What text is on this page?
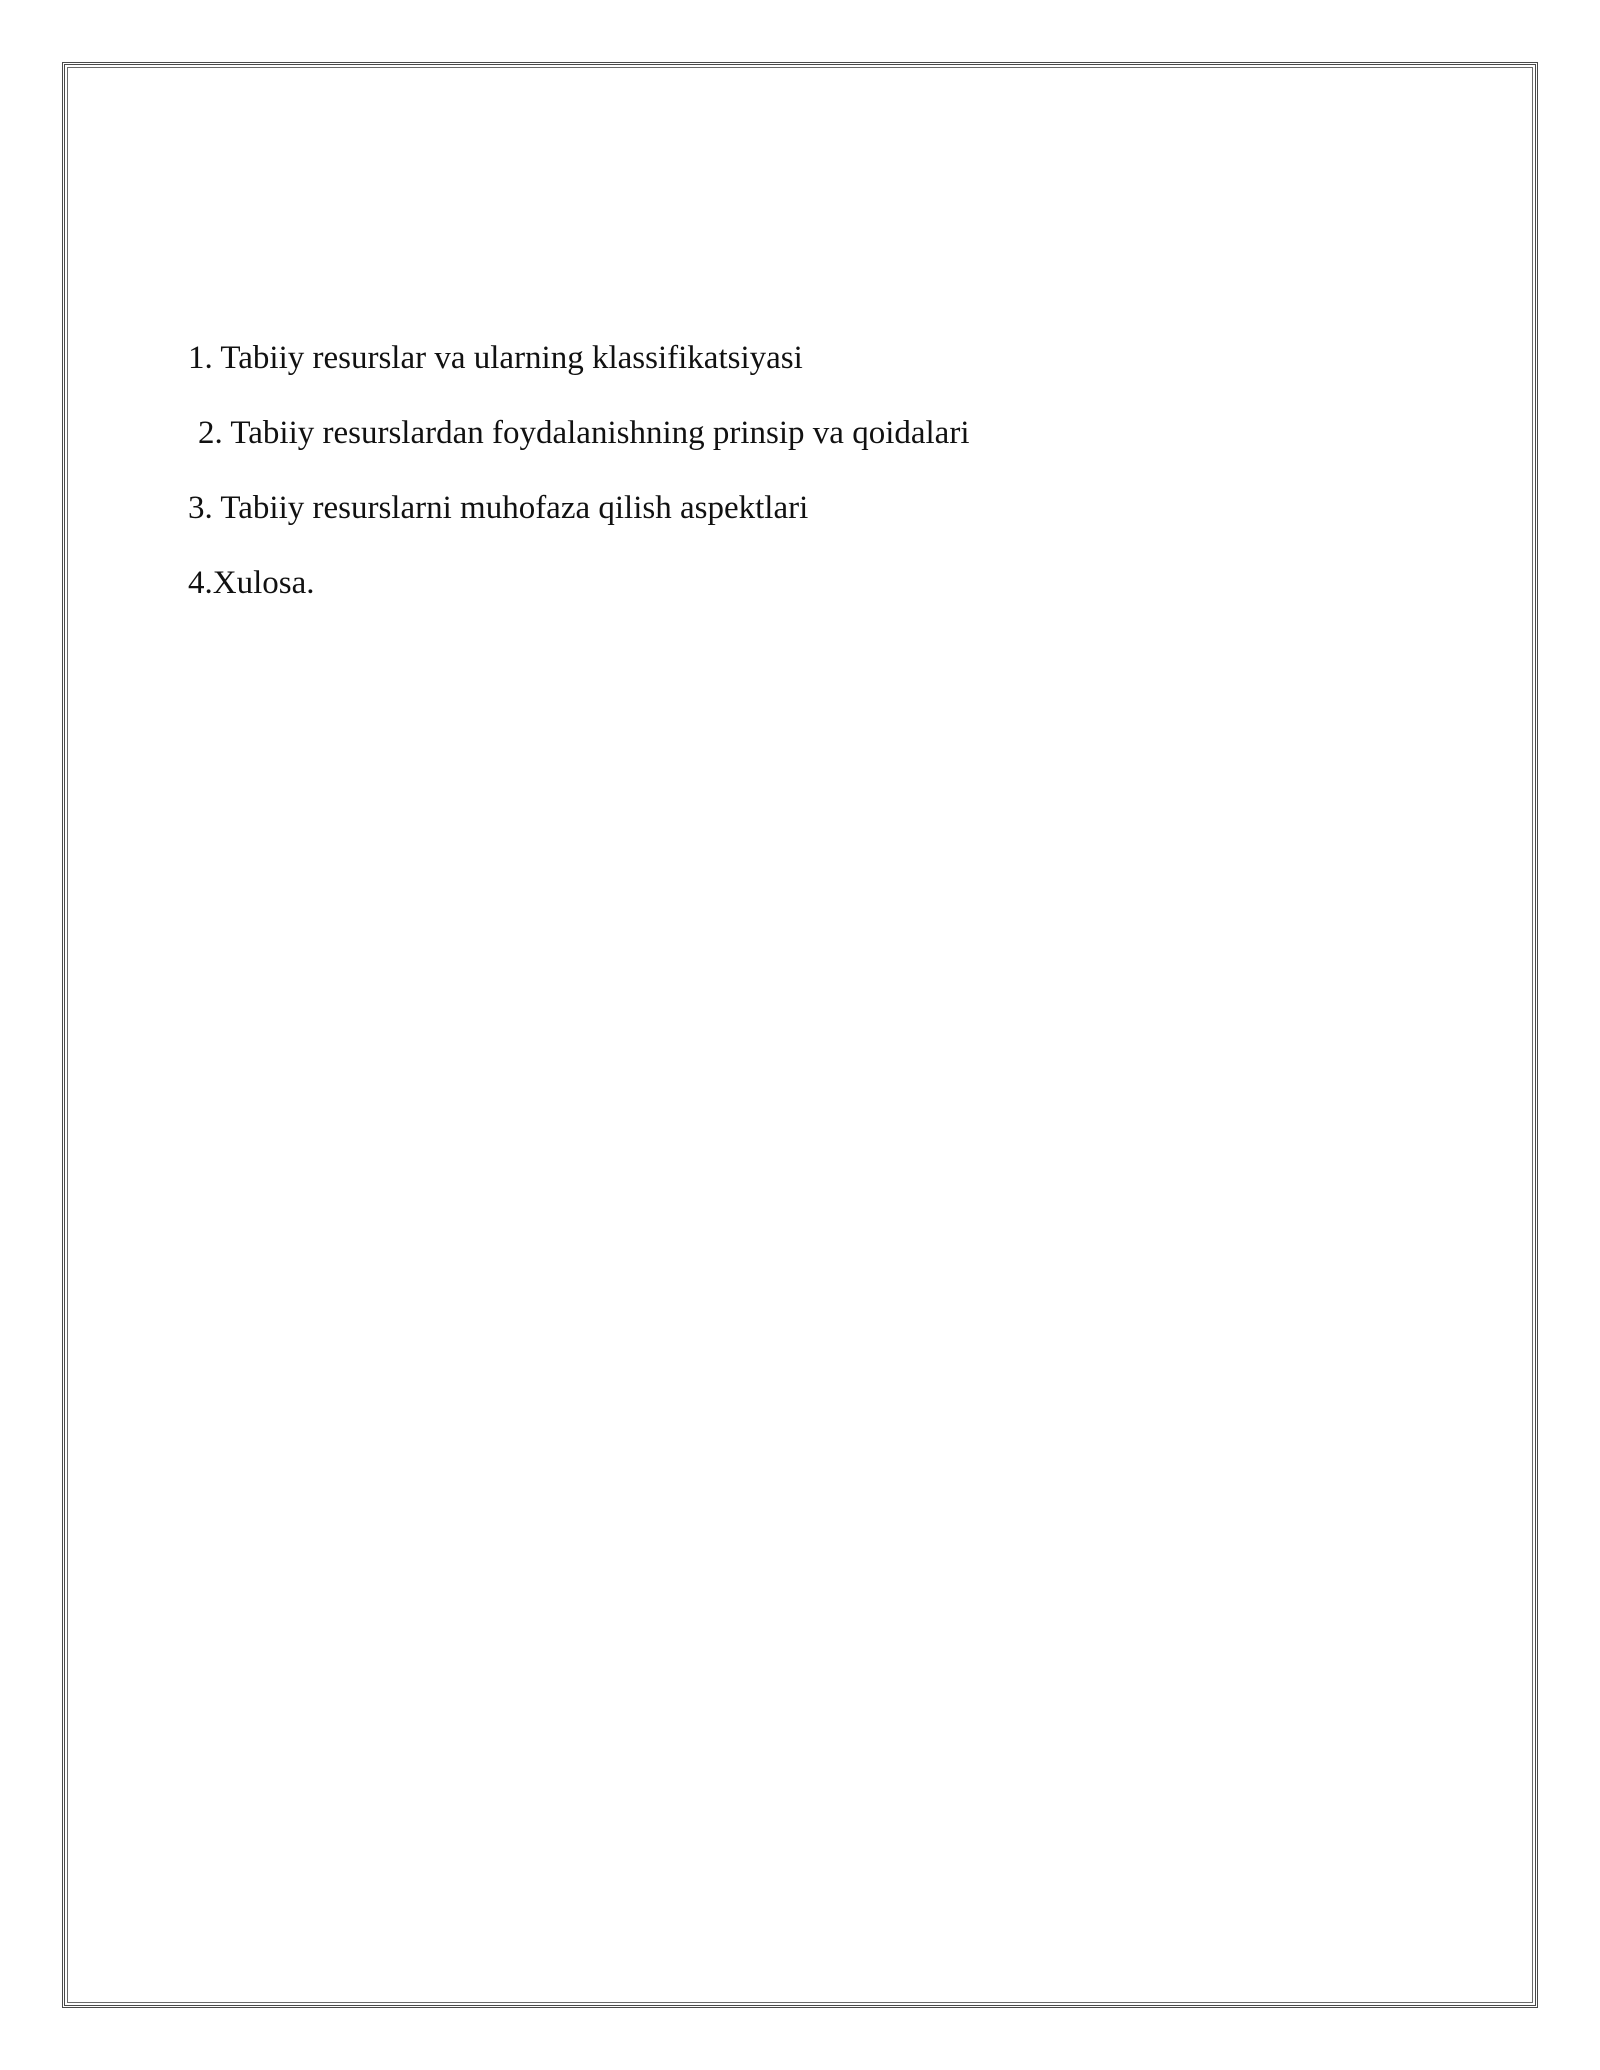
1. Tabiiy resurslar va ularning klassifikatsiyasi
2. Tabiiy resurslardan foydalanishning prinsip va qoidalari
3. Tabiiy resurslarni muhofaza qilish aspektlari
4.Xulosa.
